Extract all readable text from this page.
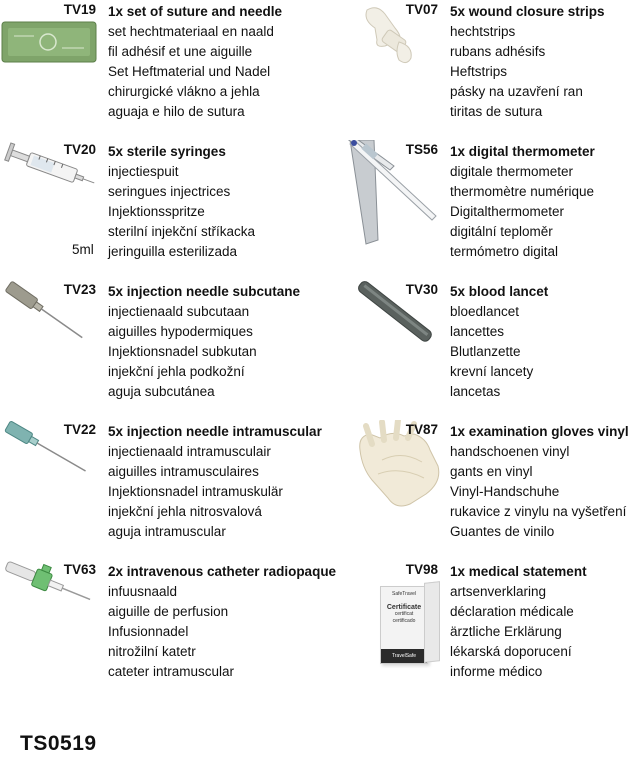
TV19 1x set of suture and needle
set hechtmateriaal en naald
fil adhésif et une aiguille
Set Heftmaterial und Nadel
chirurgické vlákno a jehla
aguaja e hilo de sutura
TV07 5x wound closure strips
hechtstrips
rubans adhésifs
Heftstrips
pásky na uzavření ran
tiritas de sutura
5ml
TV20 5x sterile syringes
injectiespuit
seringues injectrices
Injektionsspritze
sterilní injekční stříkacka
jeringuilla esterilizada
TS56 1x digital thermometer
digitale thermometer
thermomètre numérique
Digitalthermometer
digitální teploměr
termómetro digital
TV23 5x injection needle subcutane
injectienaald subcutaan
aiguilles hypodermiques
Injektionsnadel subkutan
injekční jehla podkožní
aguja subcutánea
TV30 5x blood lancet
bloedlancet
lancettes
Blutlanzette
krevní lancety
lancetas
TV22 5x injection needle intramuscular
injectienaald intramusculair
aiguilles intramusculaires
Injektionsnadel intramuskulär
injekční jehla nitrosvalová
aguja intramuscular
TV87 1x examination gloves vinyl
handschoenen vinyl
gants en vinyl
Vinyl-Handschuhe
rukavice z vinylu na vyšetření
Guantes de vinilo
TV63 2x intravenous catheter radiopaque
infuusnaald
aiguille de perfusion
Infusionnadel
nitrožilní katetr
cateter intramuscular
SafeTravel
Certificate
certificat
certificado
TravelSafe
TV98 1x medical statement
artsenverklaring
déclaration médicale
ärztliche Erklärung
lékarská doporucení
informe médico
TS0519
